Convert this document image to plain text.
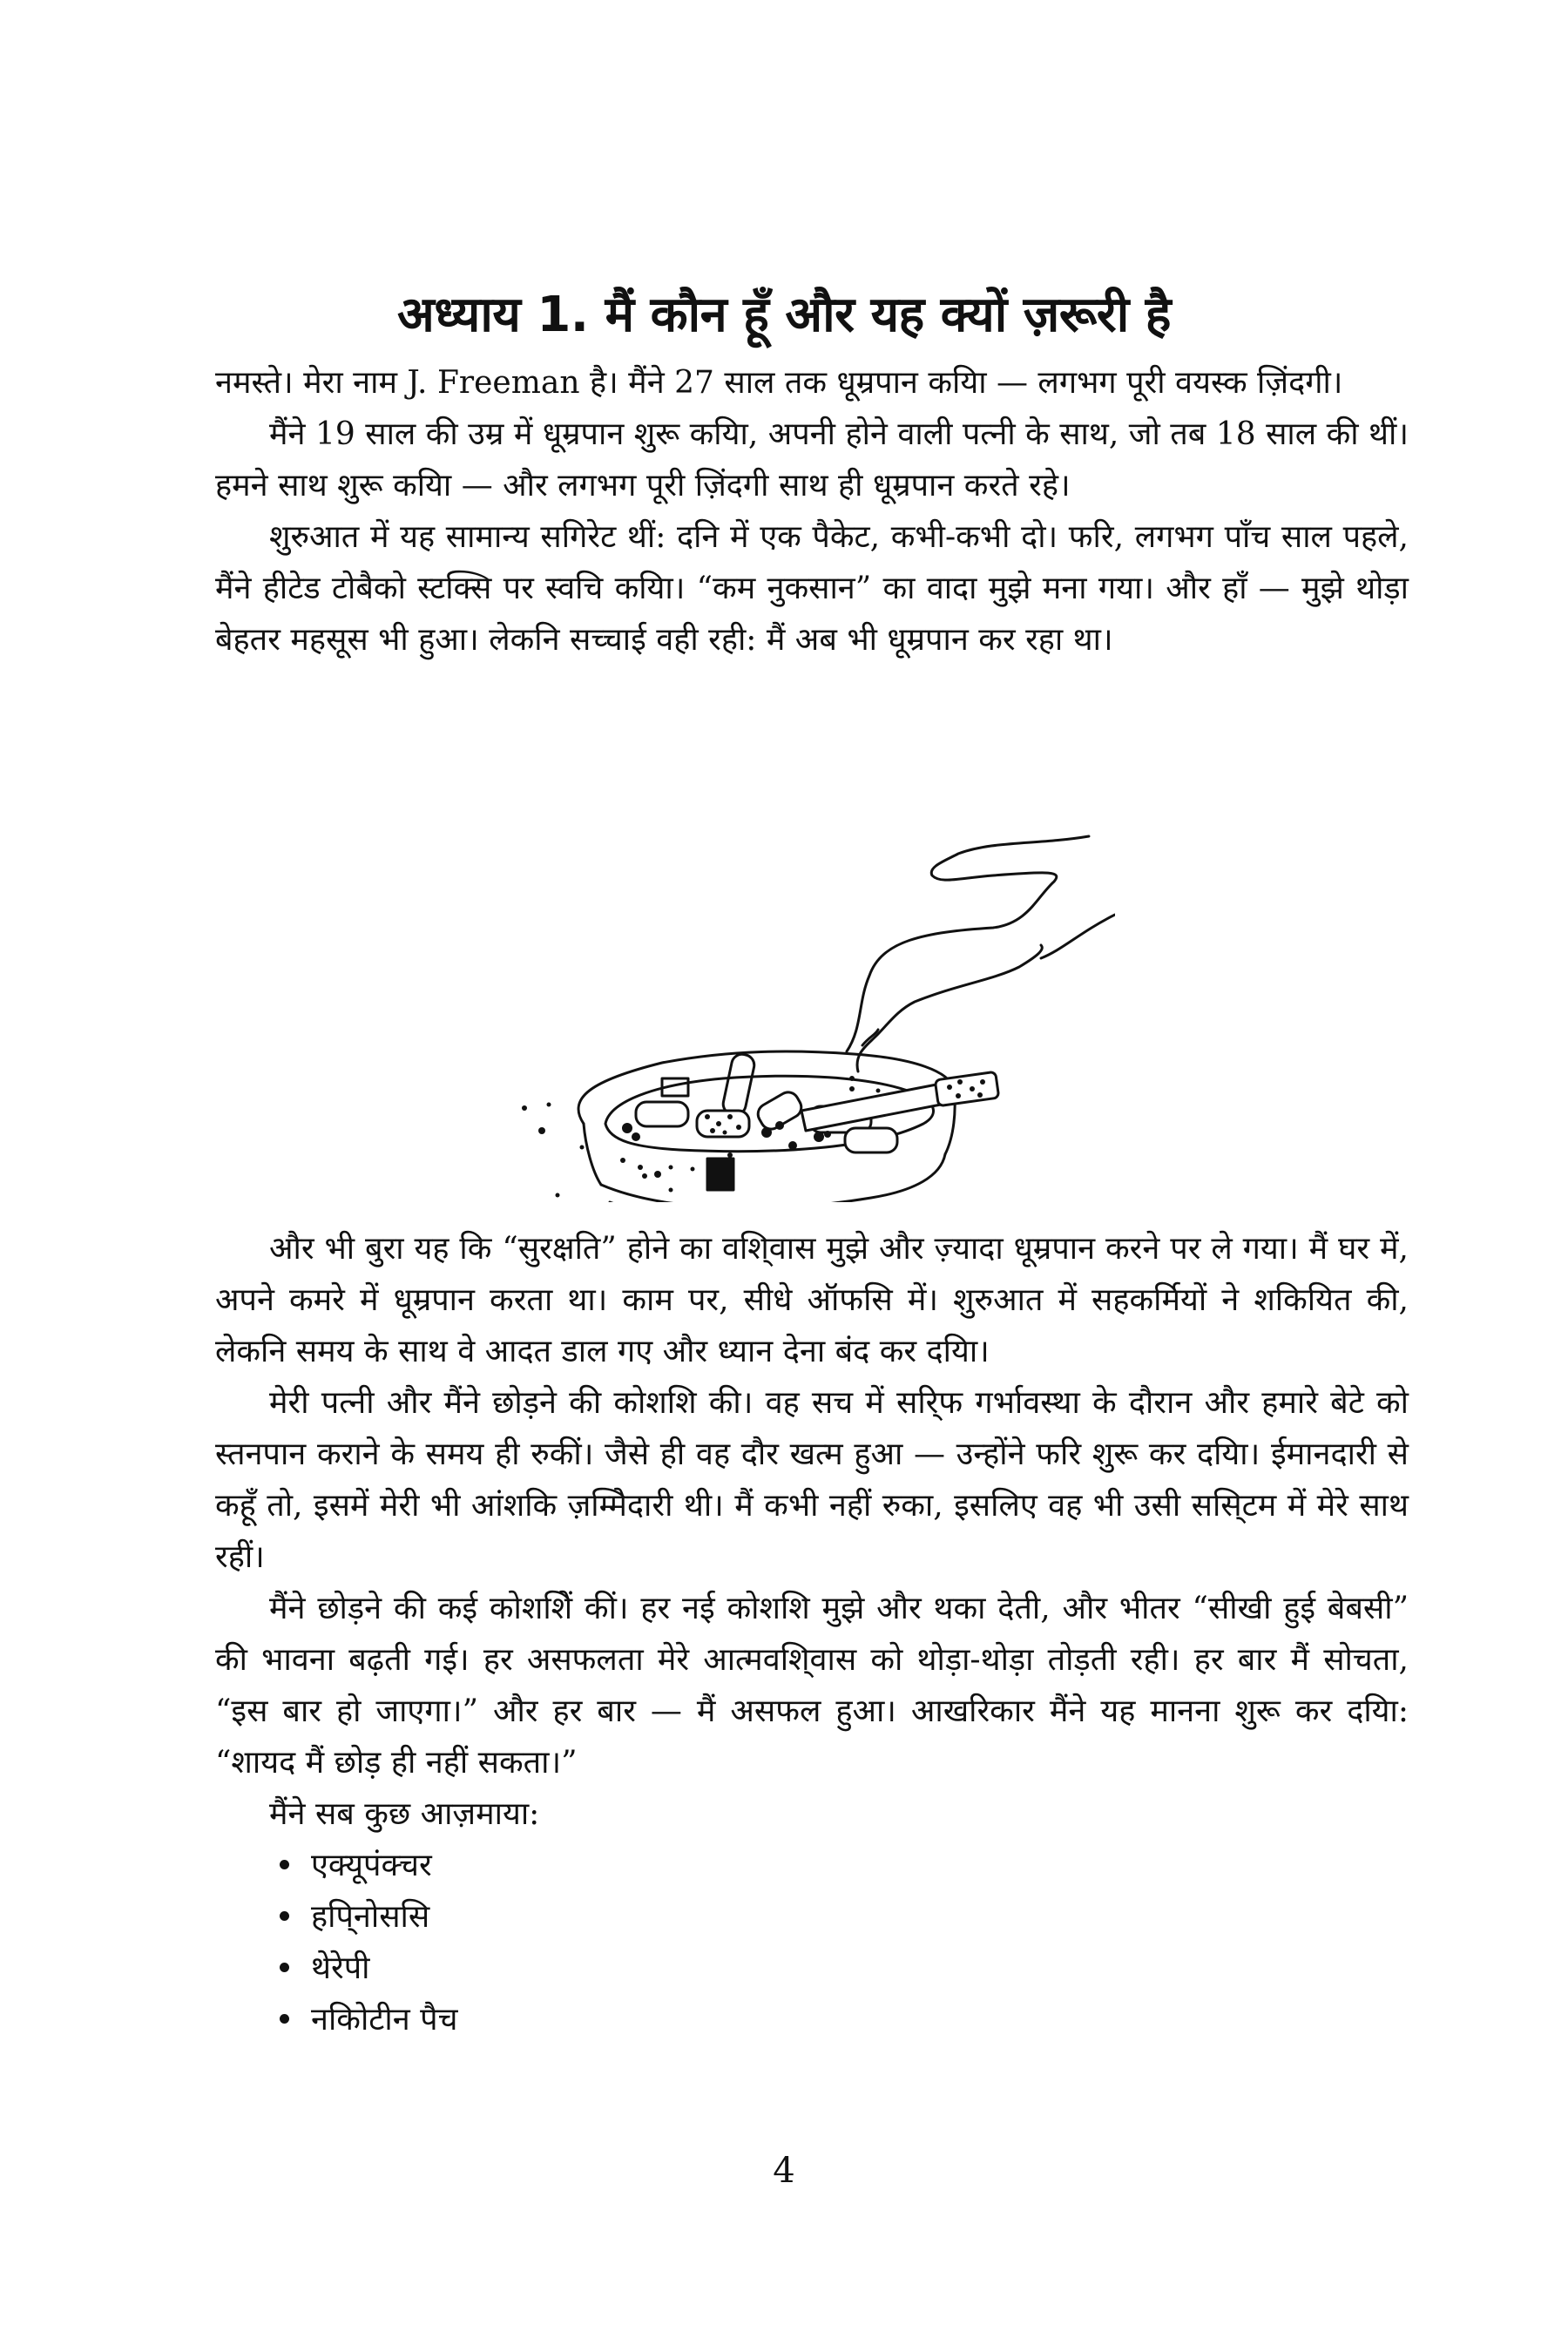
अध्याय 1. मैं कौन हूँ और यह क्यों ज़रूरी है

नमस्ते। मेरा नाम J. Freeman है। मैंने 27 साल तक धूम्रपान कयिा — लगभग पूरी वयस्क ज़िंदगी।

मैंने 19 साल की उम्र में धूम्रपान शुरू कयिा, अपनी होने वाली पत्नी के साथ, जो तब 18 साल की थीं। हमने साथ शुरू कयिा — और लगभग पूरी ज़िंदगी साथ ही धूम्रपान करते रहे।

शुरुआत में यह सामान्य सगिरेट थीं: दनि में एक पैकेट, कभी-कभी दो। फरि, लगभग पाँच साल पहले, मैंने हीटेड टोबैको स्टक्सि पर स्वचि कयिा। “कम नुकसान” का वादा मुझे मना गया। और हाँ — मुझे थोड़ा बेहतर महसूस भी हुआ। लेकनि सच्चाई वही रही: मैं अब भी धूम्रपान कर रहा था।

और भी बुरा यह कि “सुरक्षति” होने का वशि्वास मुझे और ज़्यादा धूम्रपान करने पर ले गया। मैं घर में, अपने कमरे में धूम्रपान करता था। काम पर, सीधे ऑफसि में। शुरुआत में सहकर्मियों ने शकियित की, लेकनि समय के साथ वे आदत डाल गए और ध्यान देना बंद कर दयिा।

मेरी पत्नी और मैंने छोड़ने की कोशशि की। वह सच में सरि्फ गर्भावस्था के दौरान और हमारे बेटे को स्तनपान कराने के समय ही रुकीं। जैसे ही वह दौर खत्म हुआ — उन्होंने फरि शुरू कर दयिा। ईमानदारी से कहूँ तो, इसमें मेरी भी आंशकि ज़म्मिेदारी थी। मैं कभी नहीं रुका, इसलिए वह भी उसी ससि्टम में मेरे साथ रहीं।

मैंने छोड़ने की कई कोशशिें कीं। हर नई कोशशि मुझे और थका देती, और भीतर “सीखी हुई बेबसी” की भावना बढ़ती गई। हर असफलता मेरे आत्मवशि्वास को थोड़ा-थोड़ा तोड़ती रही। हर बार मैं सोचता, “इस बार हो जाएगा।” और हर बार — मैं असफल हुआ। आखरिकार मैंने यह मानना शुरू कर दयिा: “शायद मैं छोड़ ही नहीं सकता।”

मैंने सब कुछ आज़माया:

एक्यूपंक्चर
हपि्नोससि
थेरेपी
नकिोटीन पैच
4
